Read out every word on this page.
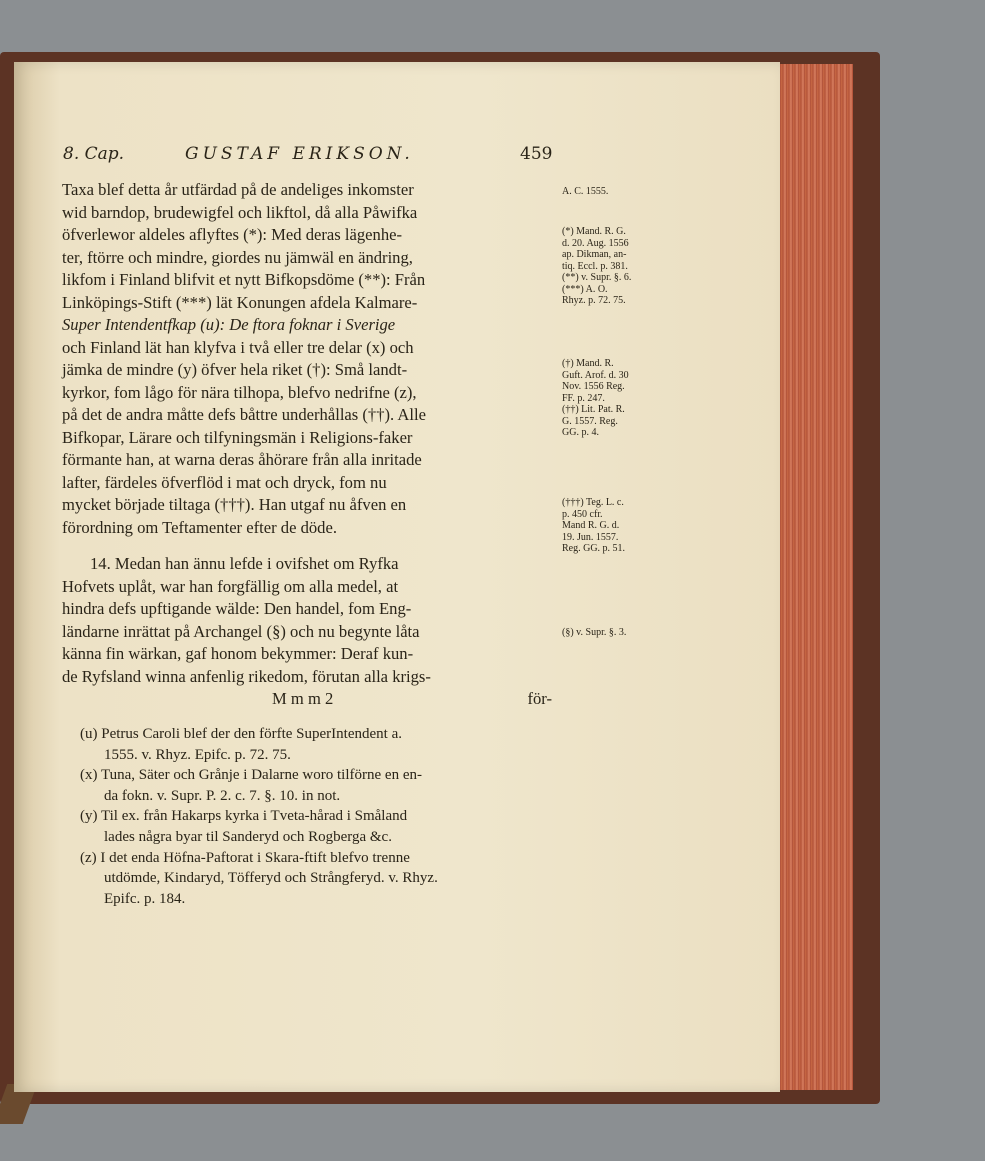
8. Cap.	GUSTAF ERIKSON.	459
Taxa blef detta år utfärdad på de andeliges inkomster
wid barndop, brudewigfel och likftol, då alla Påwifka
öfverlewor aldeles aflyftes (*): Med deras lägenhe-
ter, ftörre och mindre, giordes nu jämwäl en ändring,
likfom i Finland blifvit et nytt Bifkopsdöme (**): Från
Linköpings-Stift (***) lät Konungen afdela Kalmare-
Super Intendentfkap (u): De ftora foknar i Sverige
och Finland lät han klyfva i två eller tre delar (x) och
jämka de mindre (y) öfver hela riket (†): Små landt-
kyrkor, fom lågo för nära tilhopa, blefvo nedrifne (z),
på det de andra måtte defs båttre underhållas (††). Alle
Bifkopar, Lärare och tilfyningsmän i Religions-faker
förmante han, at warna deras åhörare från alla inritade
lafter, färdeles öfverflöd i mat och dryck, fom nu
mycket började tiltaga (†††). Han utgaf nu åfven en
förordning om Teftamenter efter de döde.
14. Medan han ännu lefde i ovifshet om Ryfka
Hofvets uplåt, war han forgfällig om alla medel, at
hindra defs upftigande wälde: Den handel, fom Eng-
ländarne inrättat på Archangel (§) och nu begynte låta
känna fin wärkan, gaf honom bekymmer: Deraf kun-
de Ryfsland winna anfenlig rikedom, förutan alla krigs-
M m m 2	för-
(u) Petrus Caroli blef der den förfte SuperIntendent a.
1555. v. Rhyz. Epifc. p. 72. 75.
(x) Tuna, Säter och Grånje i Dalarne woro tilförne en en-
da fokn. v. Supr. P. 2. c. 7. §. 10. in not.
(y) Til ex. från Hakarps kyrka i Tveta-hårad i Småland
lades några byar til Sanderyd och Rogberga &c.
(z) I det enda Höfna-Paftorat i Skara-ftift blefvo trenne
utdömde, Kindaryd, Töfferyd och Strångferyd. v. Rhyz.
Epifc. p. 184.
A. C. 1555.
(*) Mand. R. G.
d. 20. Aug. 1556
ap. Dikman, an-
tiq. Eccl. p. 381.
(**) v. Supr. §. 6.
(***) A. O.
Rhyz. p. 72. 75.
(†) Mand. R.
Guft. Arof. d. 30
Nov. 1556 Reg.
FF. p. 247.
(††) Lit. Pat. R.
G. 1557. Reg.
GG. p. 4.
(†††) Teg. L. c.
p. 450 cfr.
Mand R. G. d.
19. Jun. 1557.
Reg. GG. p. 51.
(§) v. Supr. §. 3.
